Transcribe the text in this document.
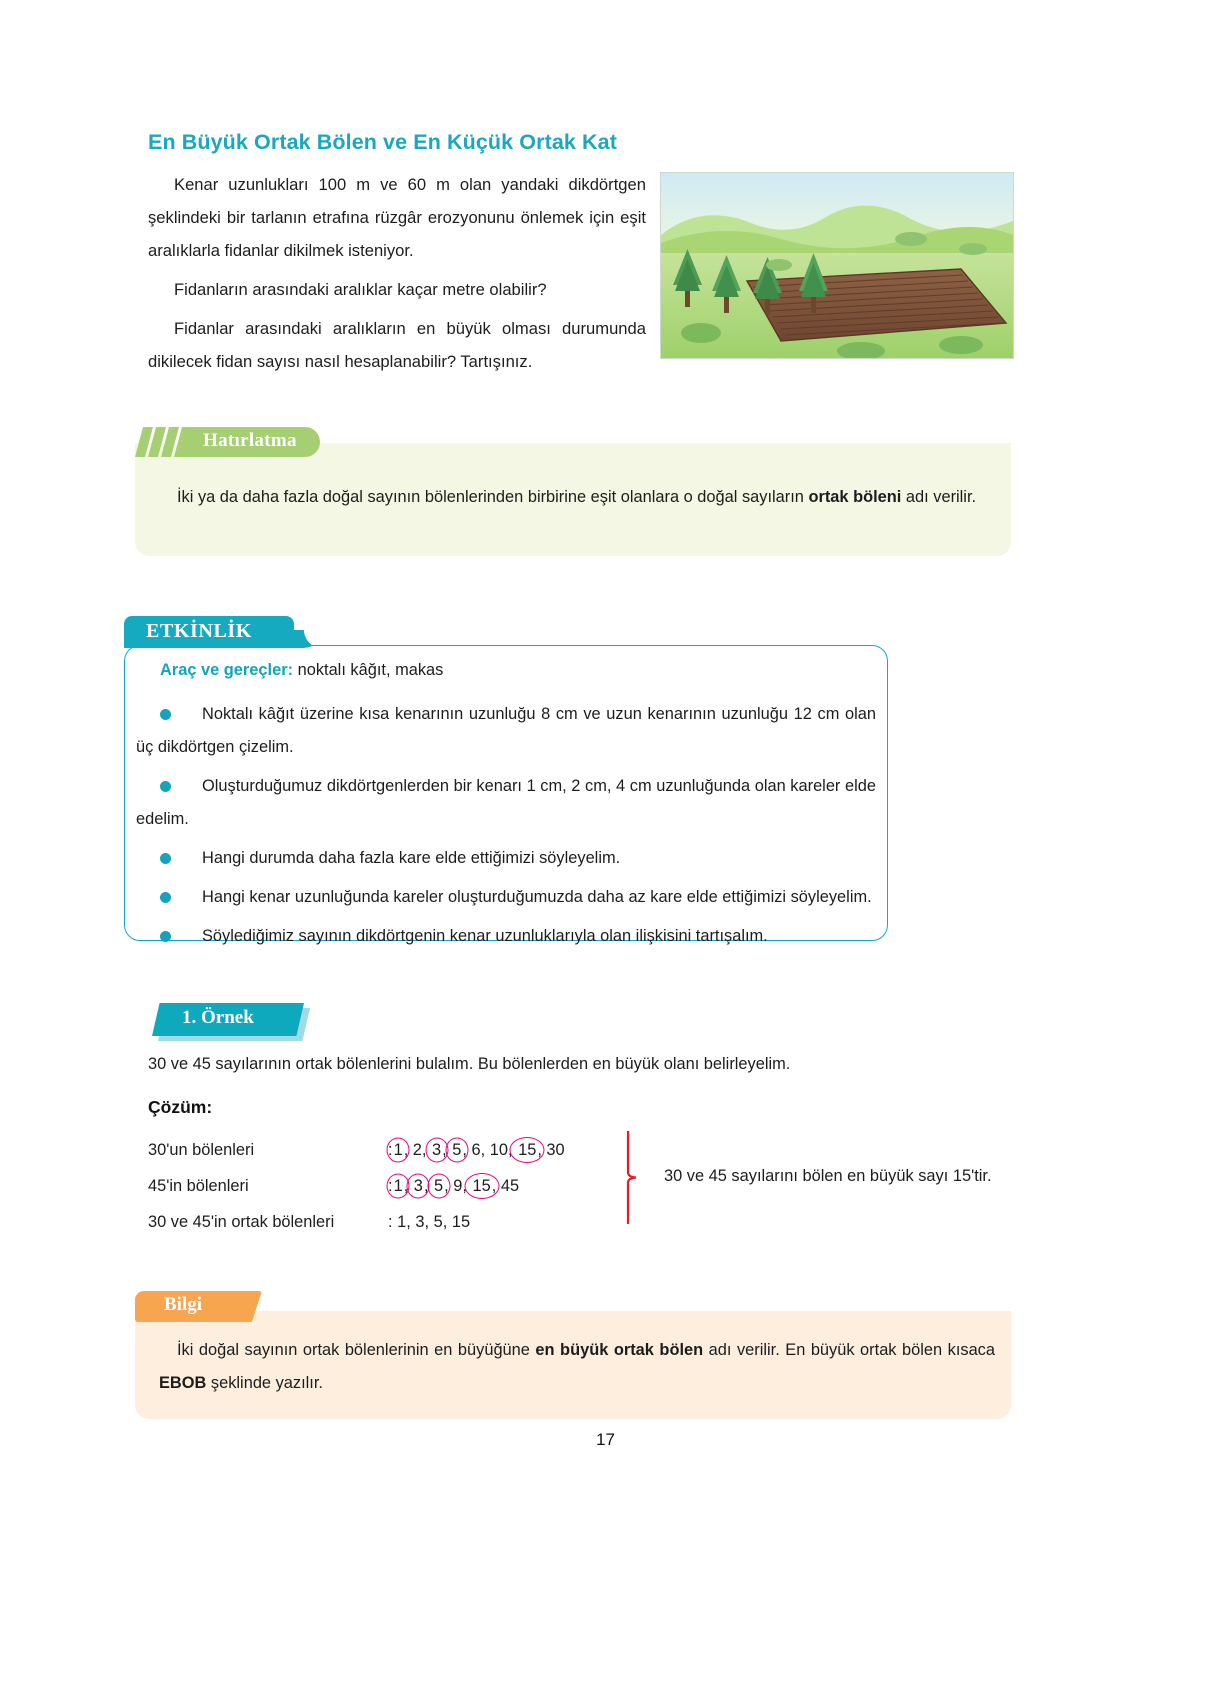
En Büyük Ortak Bölen ve En Küçük Ortak Kat

Kenar uzunlukları 100 m ve 60 m olan yandaki dikdörtgen şeklindeki bir tarlanın etrafına rüzgâr erozyonunu önlemek için eşit aralıklarla fidanlar dikilmek isteniyor.

Fidanların arasındaki aralıklar kaçar metre olabilir?

Fidanlar arasındaki aralıkların en büyük olması durumunda dikilecek fidan sayısı nasıl hesaplanabilir? Tartışınız.

Hatırlatma
İki ya da daha fazla doğal sayının bölenlerinden birbirine eşit olanlara o doğal sayıların ortak böleni adı verilir.
ETKİNLİK
Araç ve gereçler: noktalı kâğıt, makas
Noktalı kâğıt üzerine kısa kenarının uzunluğu 8 cm ve uzun kenarının uzunluğu 12 cm olan üç dikdörtgen çizelim.
Oluşturduğumuz dikdörtgenlerden bir kenarı 1 cm, 2 cm, 4 cm uzunluğunda olan kareler elde edelim.
Hangi durumda daha fazla kare elde ettiğimizi söyleyelim.
Hangi kenar uzunluğunda kareler oluşturduğumuzda daha az kare elde ettiğimizi söyleyelim.
Söylediğimiz sayının dikdörtgenin kenar uzunluklarıyla olan ilişkisini tartışalım.
1. Örnek
30 ve 45 sayılarının ortak bölenlerini bulalım. Bu bölenlerden en büyük olanı belirleyelim.
Çözüm:
30'un bölenleri	:1, 2, 3, 5, 6, 10, 15, 30
45'in bölenleri	:1, 3, 5, 9, 15, 45
30 ve 45'in ortak bölenleri	: 1, 3, 5, 15
30 ve 45 sayılarını bölen en büyük sayı 15'tir.
Bilgi
İki doğal sayının ortak bölenlerinin en büyüğüne en büyük ortak bölen adı verilir. En büyük ortak bölen kısaca EBOB şeklinde yazılır.
17
